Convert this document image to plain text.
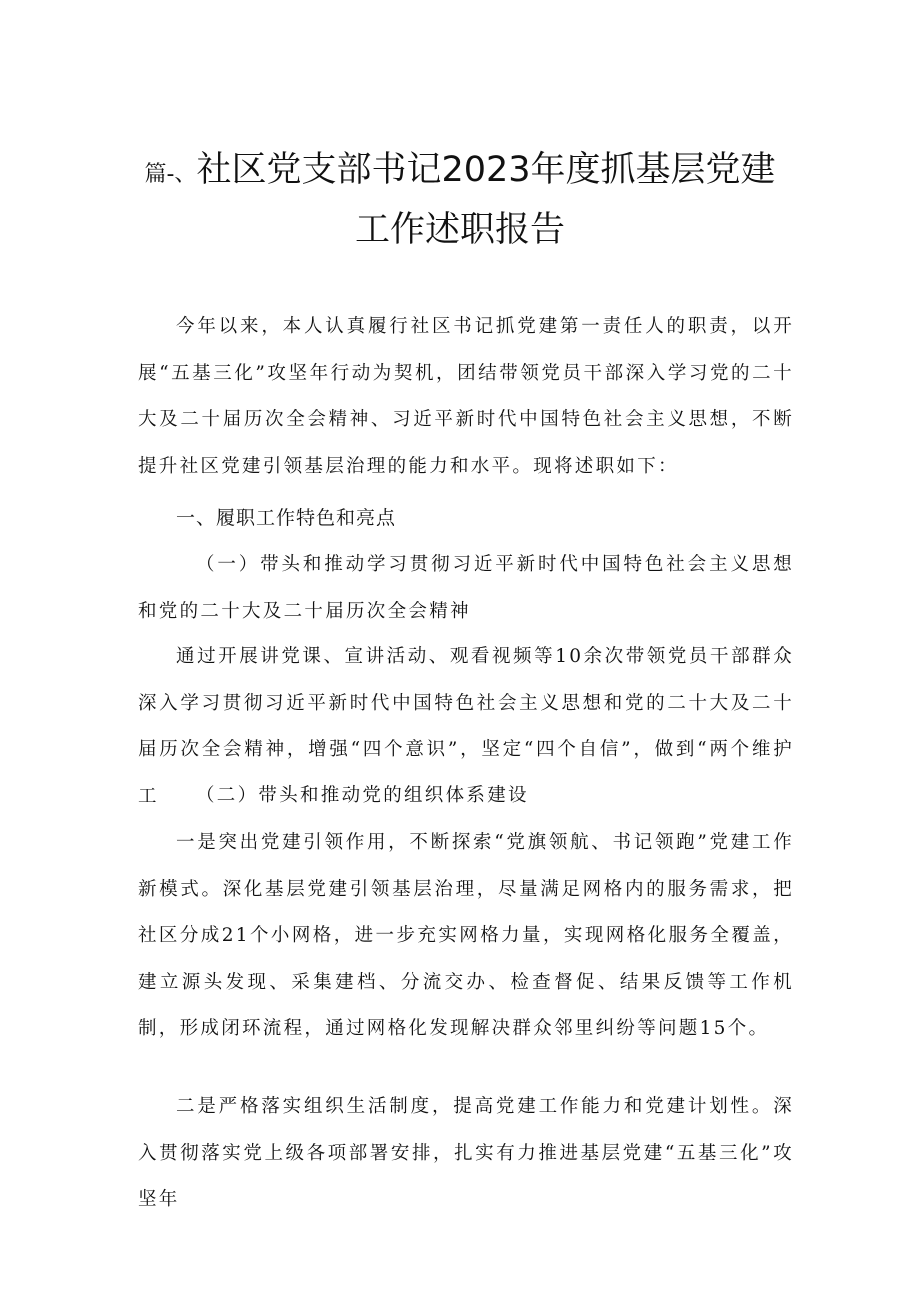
篇-、社区党支部书记2023年度抓基层党建
工作述职报告

今年以来，本人认真履行社区书记抓党建第一责任人的职责，以开展“五基三化”攻坚年行动为契机，团结带领党员干部深入学习党的二十大及二十届历次全会精神、习近平新时代中国特色社会主义思想，不断提升社区党建引领基层治理的能力和水平。现将述职如下：

一、履职工作特色和亮点

（一）带头和推动学习贯彻习近平新时代中国特色社会主义思想和党的二十大及二十届历次全会精神

通过开展讲党课、宣讲活动、观看视频等10余次带领党员干部群众深入学习贯彻习近平新时代中国特色社会主义思想和党的二十大及二十届历次全会精神，增强“四个意识”，坚定“四个自信”，做到“两个维护工	（二）带头和推动党的组织体系建设

一是突出党建引领作用，不断探索“党旗领航、书记领跑”党建工作新模式。深化基层党建引领基层治理，尽量满足网格内的服务需求，把社区分成21个小网格，进一步充实网格力量，实现网格化服务全覆盖，建立源头发现、采集建档、分流交办、检查督促、结果反馈等工作机制，形成闭环流程，通过网格化发现解决群众邻里纠纷等问题15个。

二是严格落实组织生活制度，提高党建工作能力和党建计划性。深入贯彻落实党上级各项部署安排，扎实有力推进基层党建“五基三化”攻坚年
